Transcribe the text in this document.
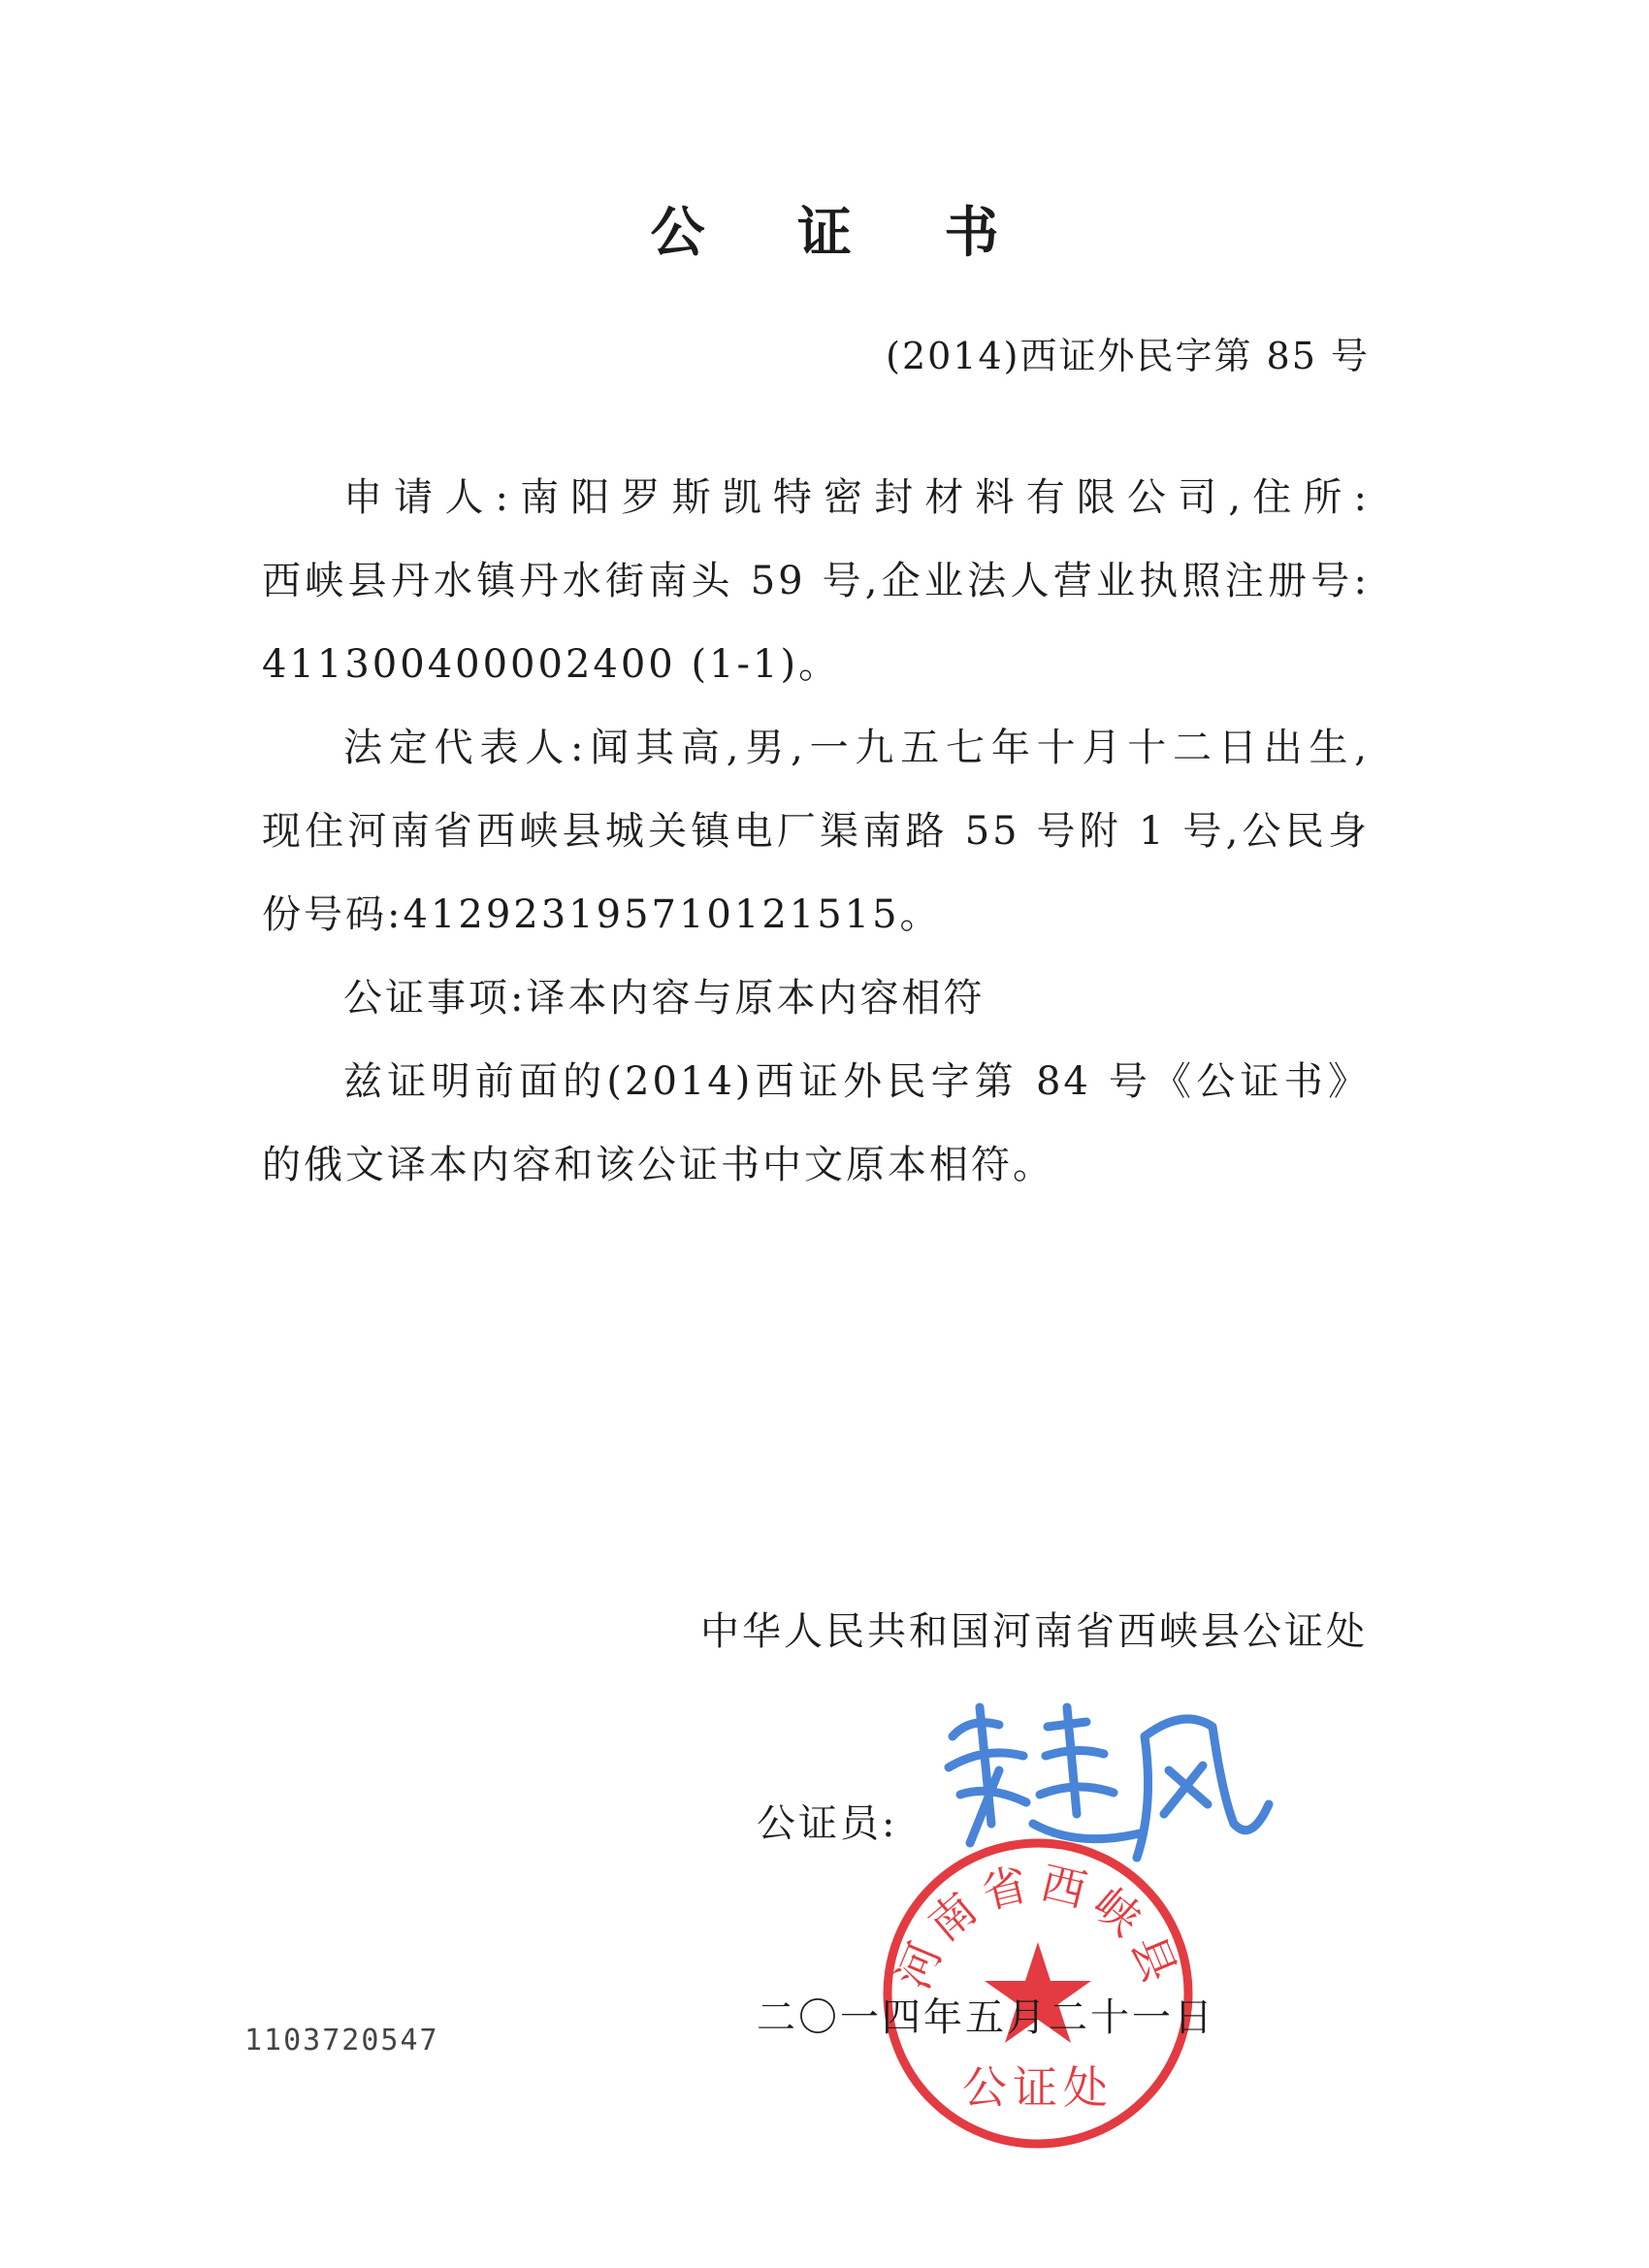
公 证 书
(2014)西证外民字第 85 号

申请人:南阳罗斯凯特密封材料有限公司,住所:

西峡县丹水镇丹水街南头 59 号,企业法人营业执照注册号:

411300400002400 (1-1)。

法定代表人:闻其高,男,一九五七年十月十二日出生,

现住河南省西峡县城关镇电厂渠南路 55 号附 1 号,公民身

份号码:412923195710121515。

公证事项:译本内容与原本内容相符

兹证明前面的(2014)西证外民字第 84 号《公证书》

的俄文译本内容和该公证书中文原本相符。

中华人民共和国河南省西峡县公证处
公证员:
河南省西峡县
公证处
二〇一四年五月二十一日
1103720547
